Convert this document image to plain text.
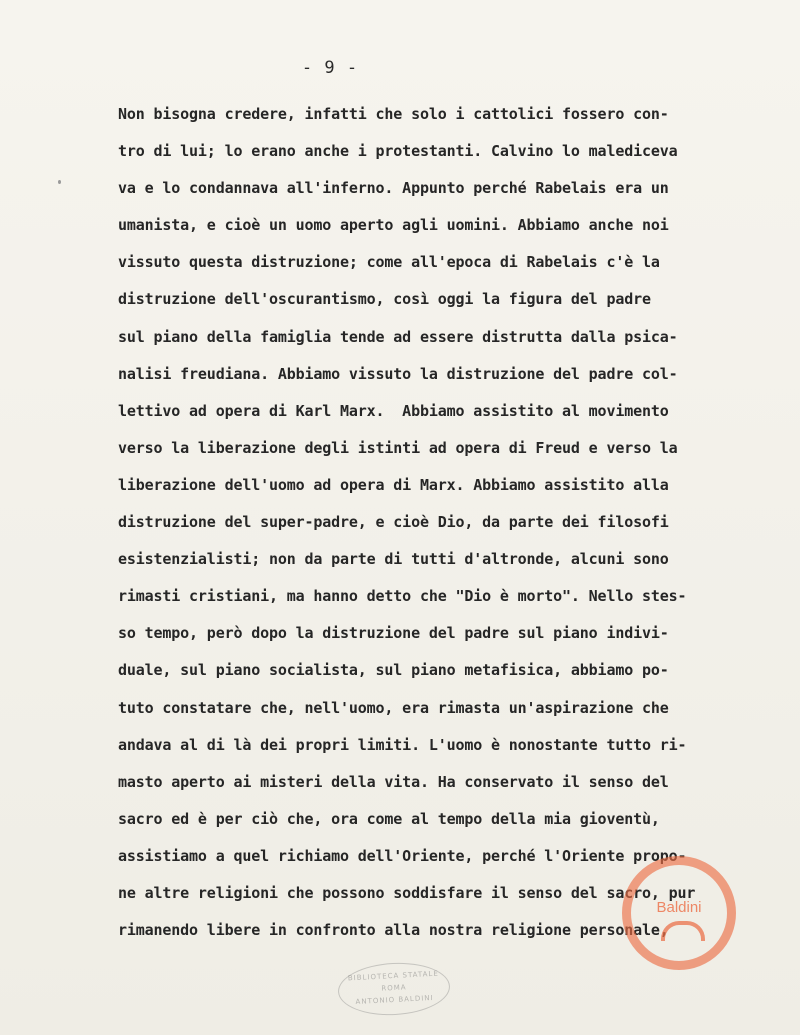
- 9 -
Non bisogna credere, infatti che solo i cattolici fossero con-
tro di lui; lo erano anche i protestanti. Calvino lo malediceva
va e lo condannava all'inferno. Appunto perché Rabelais era un
umanista, e cioè un uomo aperto agli uomini. Abbiamo anche noi
vissuto questa distruzione; come all'epoca di Rabelais c'è la
distruzione dell'oscurantismo, così oggi la figura del padre
sul piano della famiglia tende ad essere distrutta dalla psica-
nalisi freudiana. Abbiamo vissuto la distruzione del padre col-
lettivo ad opera di Karl Marx.  Abbiamo assistito al movimento
verso la liberazione degli istinti ad opera di Freud e verso la
liberazione dell'uomo ad opera di Marx. Abbiamo assistito alla
distruzione del super-padre, e cioè Dio, da parte dei filosofi
esistenzialisti; non da parte di tutti d'altronde, alcuni sono
rimasti cristiani, ma hanno detto che "Dio è morto". Nello stes-
so tempo, però dopo la distruzione del padre sul piano indivi-
duale, sul piano socialista, sul piano metafisica, abbiamo po-
tuto constatare che, nell'uomo, era rimasta un'aspirazione che
andava al di là dei propri limiti. L'uomo è nonostante tutto ri-
masto aperto ai misteri della vita. Ha conservato il senso del
sacro ed è per ciò che, ora come al tempo della mia gioventù,
assistiamo a quel richiamo dell'Oriente, perché l'Oriente propo-
ne altre religioni che possono soddisfare il senso del sacro, pur
rimanendo libere in confronto alla nostra religione personale,
Baldini
BIBLIOTECA STATALE
ROMA
ANTONIO BALDINI
